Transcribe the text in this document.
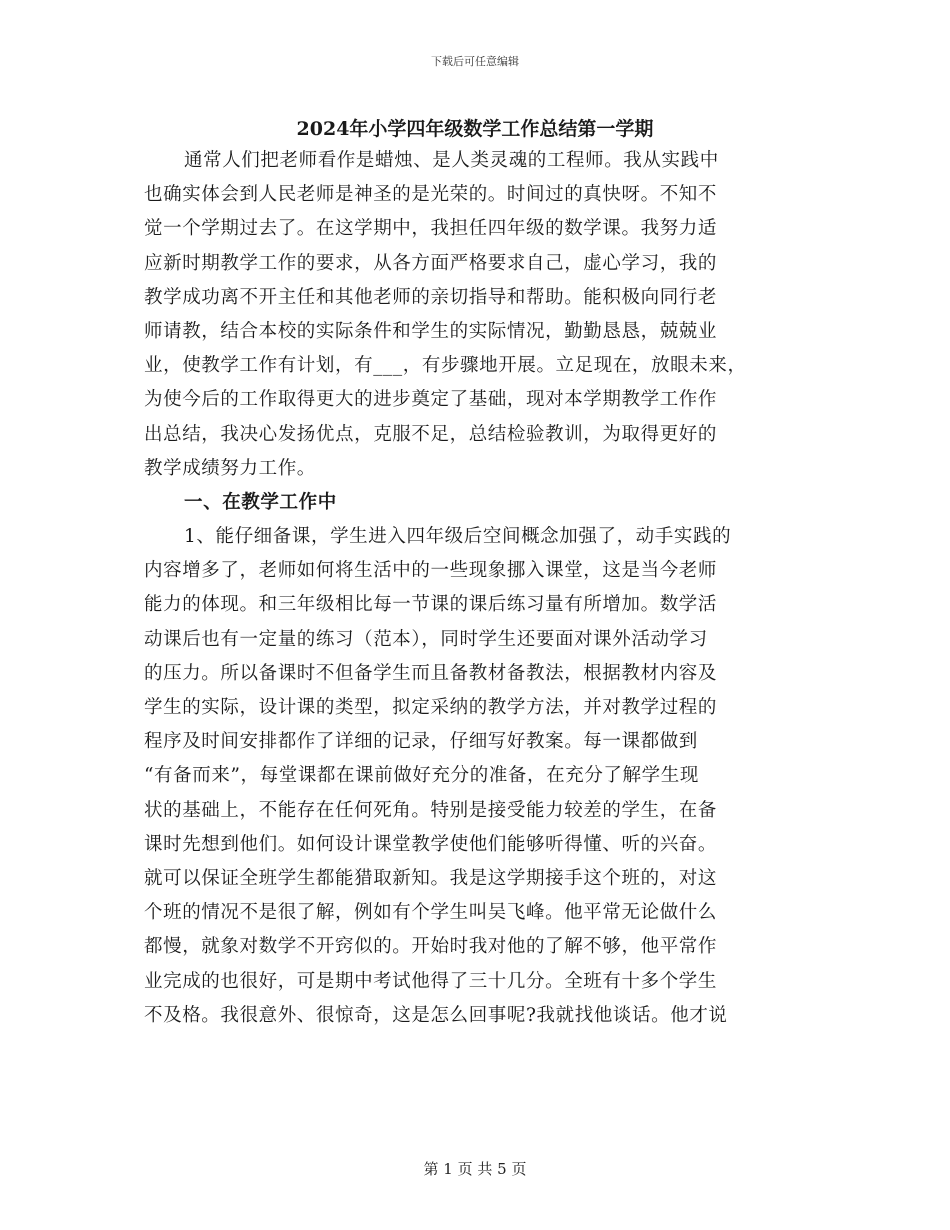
下载后可任意编辑
2024年小学四年级数学工作总结第一学期

通常人们把老师看作是蜡烛、是人类灵魂的工程师。我从实践中
也确实体会到人民老师是神圣的是光荣的。时间过的真快呀。不知不
觉一个学期过去了。在这学期中，我担任四年级的数学课。我努力适
应新时期教学工作的要求，从各方面严格要求自己，虚心学习，我的
教学成功离不开主任和其他老师的亲切指导和帮助。能积极向同行老
师请教，结合本校的实际条件和学生的实际情况，勤勤恳恳，兢兢业
业，使教学工作有计划，有___，有步骤地开展。立足现在，放眼未来，
为使今后的工作取得更大的进步奠定了基础，现对本学期教学工作作
出总结，我决心发扬优点，克服不足，总结检验教训，为取得更好的
教学成绩努力工作。

一、在教学工作中

1、能仔细备课，学生进入四年级后空间概念加强了，动手实践的
内容增多了，老师如何将生活中的一些现象挪入课堂，这是当今老师
能力的体现。和三年级相比每一节课的课后练习量有所增加。数学活
动课后也有一定量的练习（范本），同时学生还要面对课外活动学习
的压力。所以备课时不但备学生而且备教材备教法，根据教材内容及
学生的实际，设计课的类型，拟定采纳的教学方法，并对教学过程的
程序及时间安排都作了详细的记录，仔细写好教案。每一课都做到
“有备而来”，每堂课都在课前做好充分的准备，在充分了解学生现
状的基础上，不能存在任何死角。特别是接受能力较差的学生，在备
课时先想到他们。如何设计课堂教学使他们能够听得懂、听的兴奋。
就可以保证全班学生都能猎取新知。我是这学期接手这个班的，对这
个班的情况不是很了解，例如有个学生叫吴飞峰。他平常无论做什么
都慢，就象对数学不开窍似的。开始时我对他的了解不够，他平常作
业完成的也很好，可是期中考试他得了三十几分。全班有十多个学生
不及格。我很意外、很惊奇，这是怎么回事呢?我就找他谈话。他才说

第 1 页 共 5 页
